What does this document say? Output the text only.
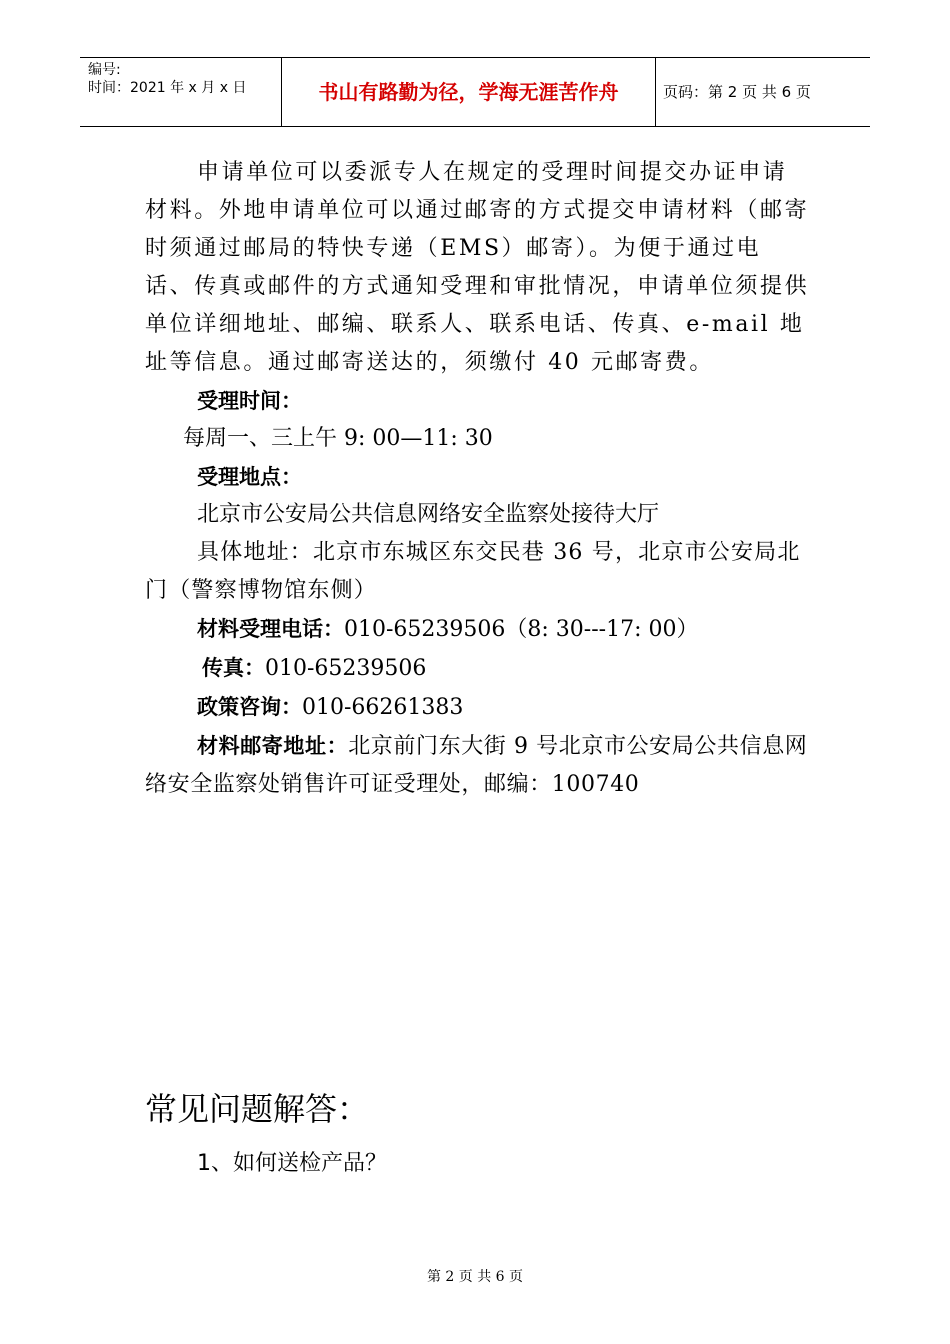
编号:
时间：2021 年 x 月 x 日	书山有路勤为径，学海无涯苦作舟	页码：第 2 页 共 6 页

申请单位可以委派专人在规定的受理时间提交办证申请材料。外地申请单位可以通过邮寄的方式提交申请材料（邮寄时须通过邮局的特快专递（EMS）邮寄）。为便于通过电话、传真或邮件的方式通知受理和审批情况，申请单位须提供单位详细地址、邮编、联系人、联系电话、传真、e-mail 地址等信息。通过邮寄送达的，须缴付 40 元邮寄费。

受理时间：

每周一、三上午 9: 00—11: 30

受理地点：

北京市公安局公共信息网络安全监察处接待大厅

具体地址：北京市东城区东交民巷 36 号，北京市公安局北门（警察博物馆东侧）

材料受理电话：010-65239506（8: 30---17: 00）

传真：010-65239506

政策咨询：010-66261383

材料邮寄地址：北京前门东大街 9 号北京市公安局公共信息网络安全监察处销售许可证受理处，邮编：100740

常见问题解答：

1、如何送检产品？

第 2 页 共 6 页
